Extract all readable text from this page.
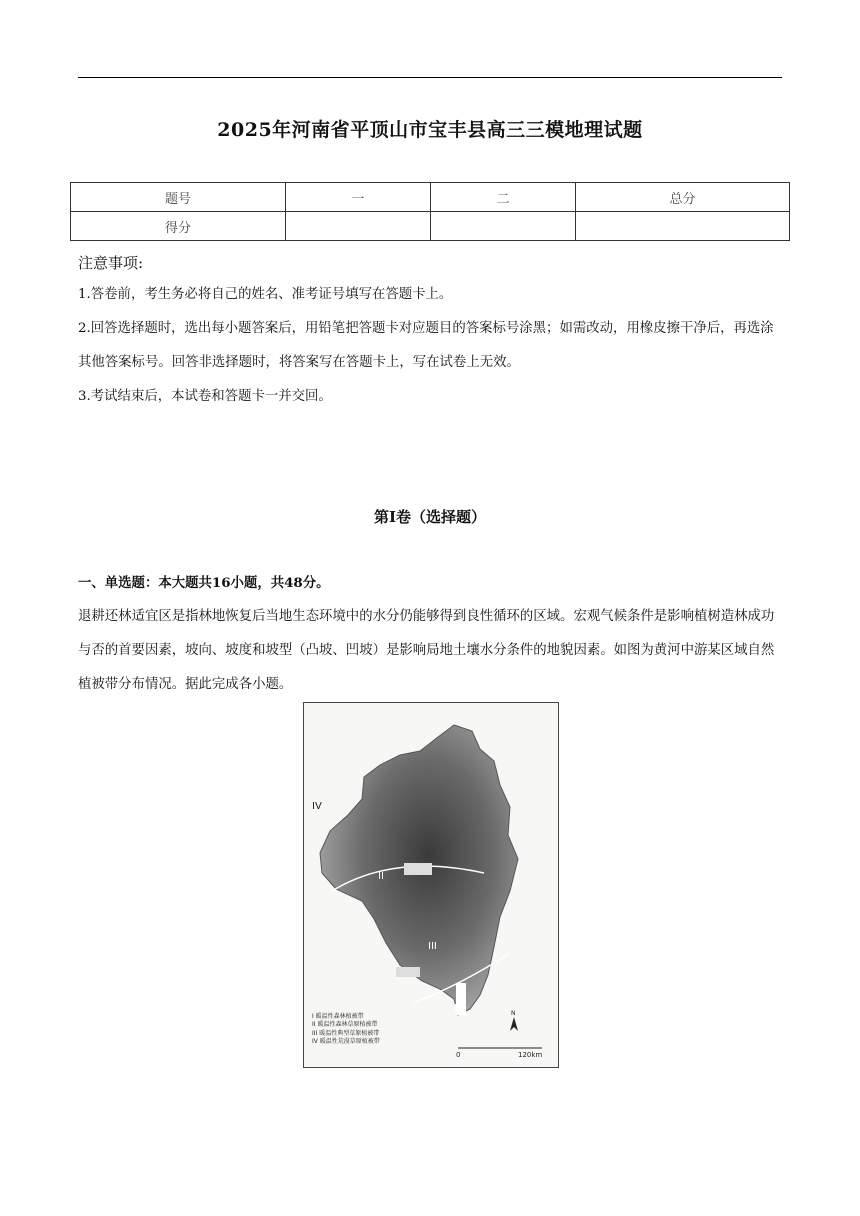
2025年河南省平顶山市宝丰县高三三模地理试题
题号	一	二	总分
得分			
注意事项:
1.答卷前，考生务必将自己的姓名、准考证号填写在答题卡上。
2.回答选择题时，选出每小题答案后，用铅笔把答题卡对应题目的答案标号涂黑；如需改动，用橡皮擦干净后，再选涂其他答案标号。回答非选择题时，将答案写在答题卡上，写在试卷上无效。
3.考试结束后，本试卷和答题卡一并交回。
第I卷（选择题）
一、单选题：本大题共16小题，共48分。
退耕还林适宜区是指林地恢复后当地生态环境中的水分仍能够得到良性循环的区域。宏观气候条件是影响植树造林成功与否的首要因素，坡向、坡度和坡型（凸坡、凹坡）是影响局地土壤水分条件的地貌因素。如图为黄河中游某区域自然植被带分布情况。据此完成各小题。
0	120km
N
II
III
I
IV
I 暖温性森林植被带
II 暖温性森林草原植被带
III 暖温性典型草原植被带
IV 暖温性荒漠草原植被带
